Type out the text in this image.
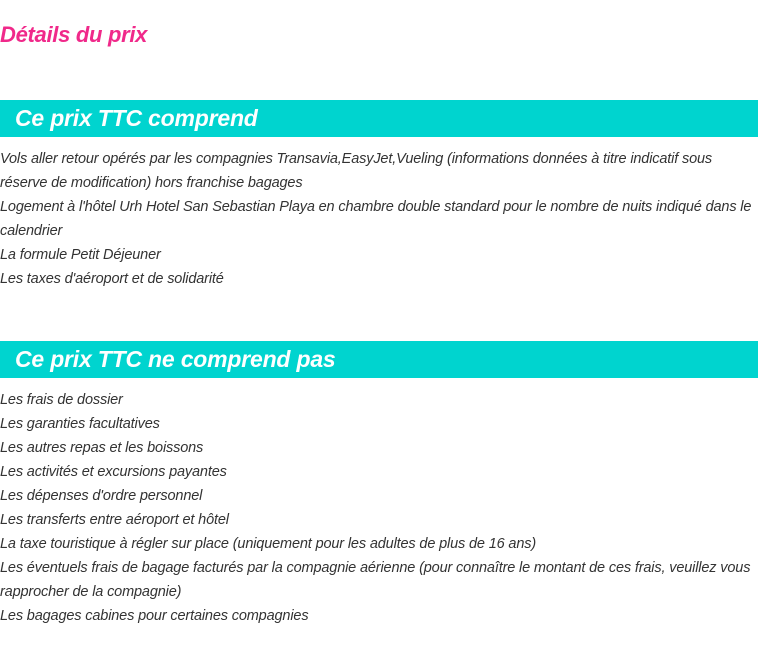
Détails du prix
Ce prix TTC comprend
Vols aller retour opérés par les compagnies Transavia,EasyJet,Vueling (informations données à titre indicatif sous réserve de modification) hors franchise bagages
Logement à l'hôtel Urh Hotel San Sebastian Playa en chambre double standard pour le nombre de nuits indiqué dans le calendrier
La formule Petit Déjeuner
Les taxes d'aéroport et de solidarité
Ce prix TTC ne comprend pas
Les frais de dossier
Les garanties facultatives
Les autres repas et les boissons
Les activités et excursions payantes
Les dépenses d'ordre personnel
Les transferts entre aéroport et hôtel
La taxe touristique à régler sur place (uniquement pour les adultes de plus de 16 ans)
Les éventuels frais de bagage facturés par la compagnie aérienne (pour connaître le montant de ces frais, veuillez vous rapprocher de la compagnie)
Les bagages cabines pour certaines compagnies
